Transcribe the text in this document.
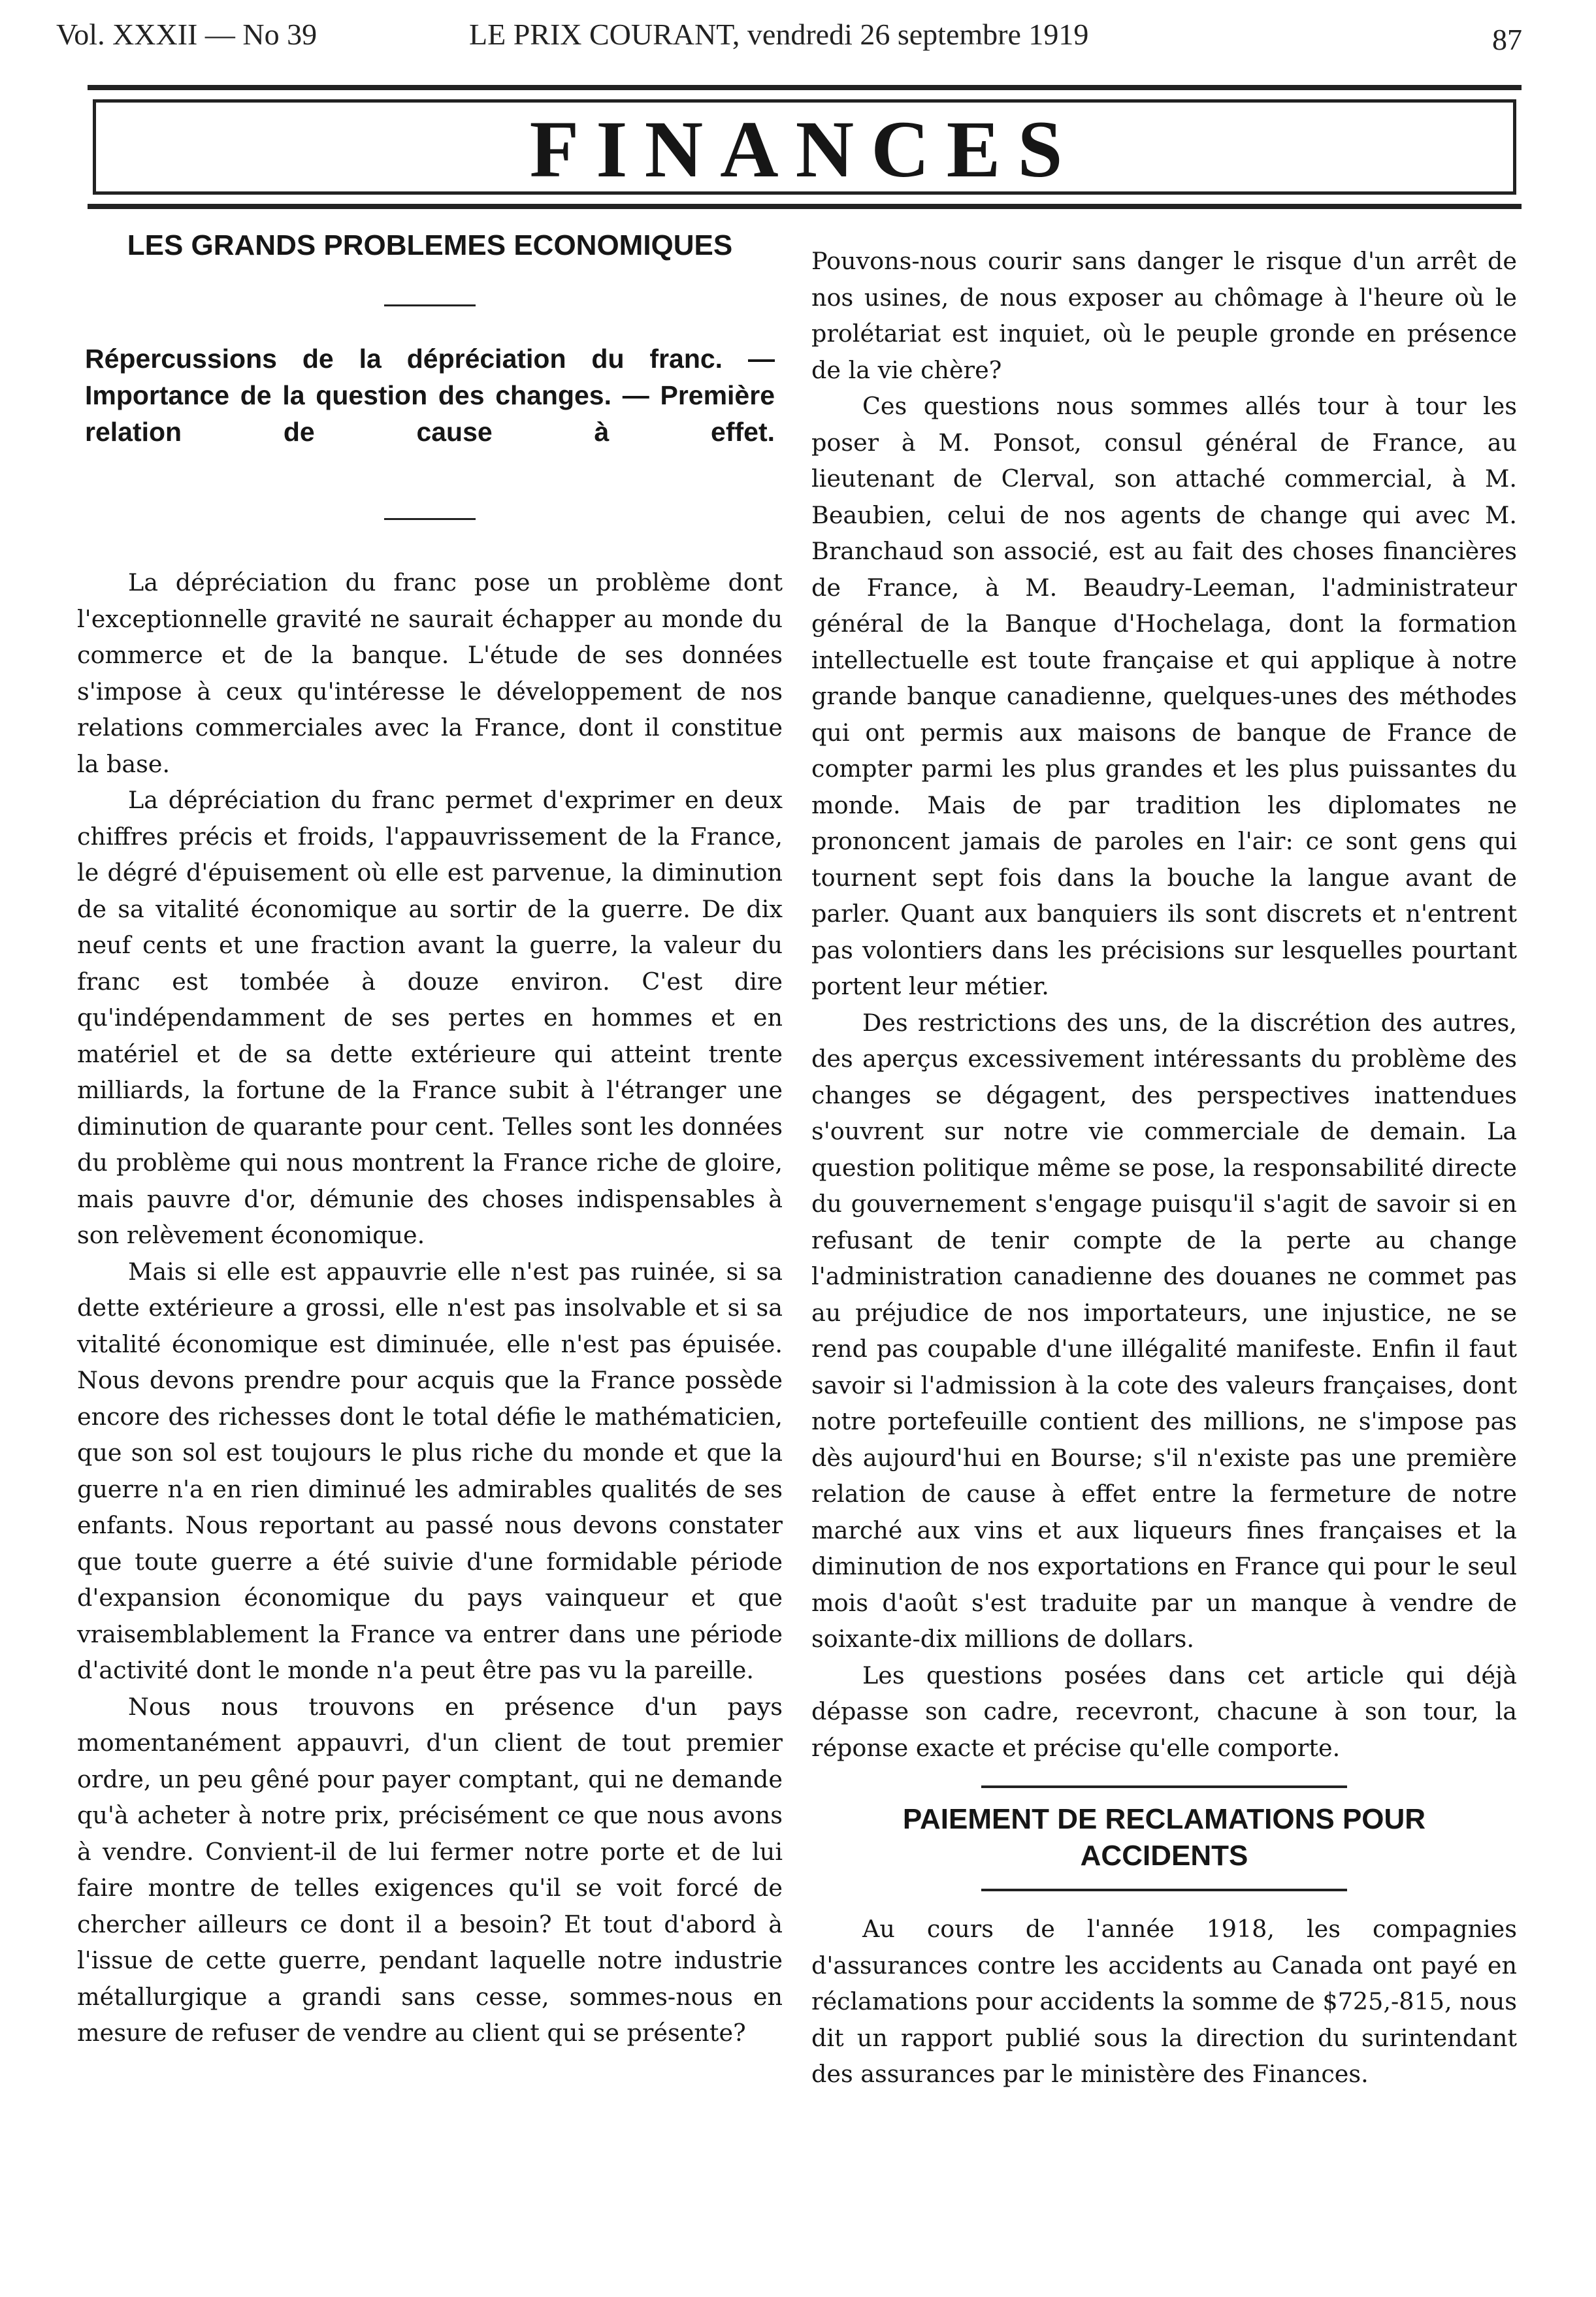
Vol. XXXII — No 39	LE PRIX COURANT, vendredi 26 septembre 1919	87
FINANCES
LES GRANDS PROBLEMES ECONOMIQUES

Répercussions de la dépréciation du franc. — Importance de la question des changes. — Première relation de cause à effet.

La dépréciation du franc pose un problème dont l'exceptionnelle gravité ne saurait échapper au monde du commerce et de la banque. L'étude de ses données s'impose à ceux qu'intéresse le développement de nos relations commerciales avec la France, dont il constitue la base.

La dépréciation du franc permet d'exprimer en deux chiffres précis et froids, l'appauvrissement de la France, le dégré d'épuisement où elle est parvenue, la diminution de sa vitalité économique au sortir de la guerre. De dix neuf cents et une fraction avant la guerre, la valeur du franc est tombée à douze environ. C'est dire qu'indépendamment de ses pertes en hommes et en matériel et de sa dette extérieure qui atteint trente milliards, la fortune de la France subit à l'étranger une diminution de quarante pour cent. Telles sont les données du problème qui nous montrent la France riche de gloire, mais pauvre d'or, démunie des choses indispensables à son relèvement économique.

Mais si elle est appauvrie elle n'est pas ruinée, si sa dette extérieure a grossi, elle n'est pas insolvable et si sa vitalité économique est diminuée, elle n'est pas épuisée. Nous devons prendre pour acquis que la France possède encore des richesses dont le total défie le mathématicien, que son sol est toujours le plus riche du monde et que la guerre n'a en rien diminué les admirables qualités de ses enfants. Nous reportant au passé nous devons constater que toute guerre a été suivie d'une formidable période d'expansion économique du pays vainqueur et que vraisemblablement la France va entrer dans une période d'activité dont le monde n'a peut être pas vu la pareille.

Nous nous trouvons en présence d'un pays momentanément appauvri, d'un client de tout premier ordre, un peu gêné pour payer comptant, qui ne demande qu'à acheter à notre prix, précisément ce que nous avons à vendre. Convient-il de lui fermer notre porte et de lui faire montre de telles exigences qu'il se voit forcé de chercher ailleurs ce dont il a besoin? Et tout d'abord à l'issue de cette guerre, pendant laquelle notre industrie métallurgique a grandi sans cesse, sommes-nous en mesure de refuser de vendre au client qui se présente?

Pouvons-nous courir sans danger le risque d'un arrêt de nos usines, de nous exposer au chômage à l'heure où le prolétariat est inquiet, où le peuple gronde en présence de la vie chère?

Ces questions nous sommes allés tour à tour les poser à M. Ponsot, consul général de France, au lieutenant de Clerval, son attaché commercial, à M. Beaubien, celui de nos agents de change qui avec M. Branchaud son associé, est au fait des choses financières de France, à M. Beaudry-Leeman, l'administrateur général de la Banque d'Hochelaga, dont la formation intellectuelle est toute française et qui applique à notre grande banque canadienne, quelques-unes des méthodes qui ont permis aux maisons de banque de France de compter parmi les plus grandes et les plus puissantes du monde. Mais de par tradition les diplomates ne prononcent jamais de paroles en l'air: ce sont gens qui tournent sept fois dans la bouche la langue avant de parler. Quant aux banquiers ils sont discrets et n'entrent pas volontiers dans les précisions sur lesquelles pourtant portent leur métier.

Des restrictions des uns, de la discrétion des autres, des aperçus excessivement intéressants du problème des changes se dégagent, des perspectives inattendues s'ouvrent sur notre vie commerciale de demain. La question politique même se pose, la responsabilité directe du gouvernement s'engage puisqu'il s'agit de savoir si en refusant de tenir compte de la perte au change l'administration canadienne des douanes ne commet pas au préjudice de nos importateurs, une injustice, ne se rend pas coupable d'une illégalité manifeste. Enfin il faut savoir si l'admission à la cote des valeurs françaises, dont notre portefeuille contient des millions, ne s'impose pas dès aujourd'hui en Bourse; s'il n'existe pas une première relation de cause à effet entre la fermeture de notre marché aux vins et aux liqueurs fines françaises et la diminution de nos exportations en France qui pour le seul mois d'août s'est traduite par un manque à vendre de soixante-dix millions de dollars.

Les questions posées dans cet article qui déjà dépasse son cadre, recevront, chacune à son tour, la réponse exacte et précise qu'elle comporte.

PAIEMENT DE RECLAMATIONS POUR ACCIDENTS

Au cours de l'année 1918, les compagnies d'assurances contre les accidents au Canada ont payé en réclamations pour accidents la somme de $725,-815, nous dit un rapport publié sous la direction du surintendant des assurances par le ministère des Finances.
